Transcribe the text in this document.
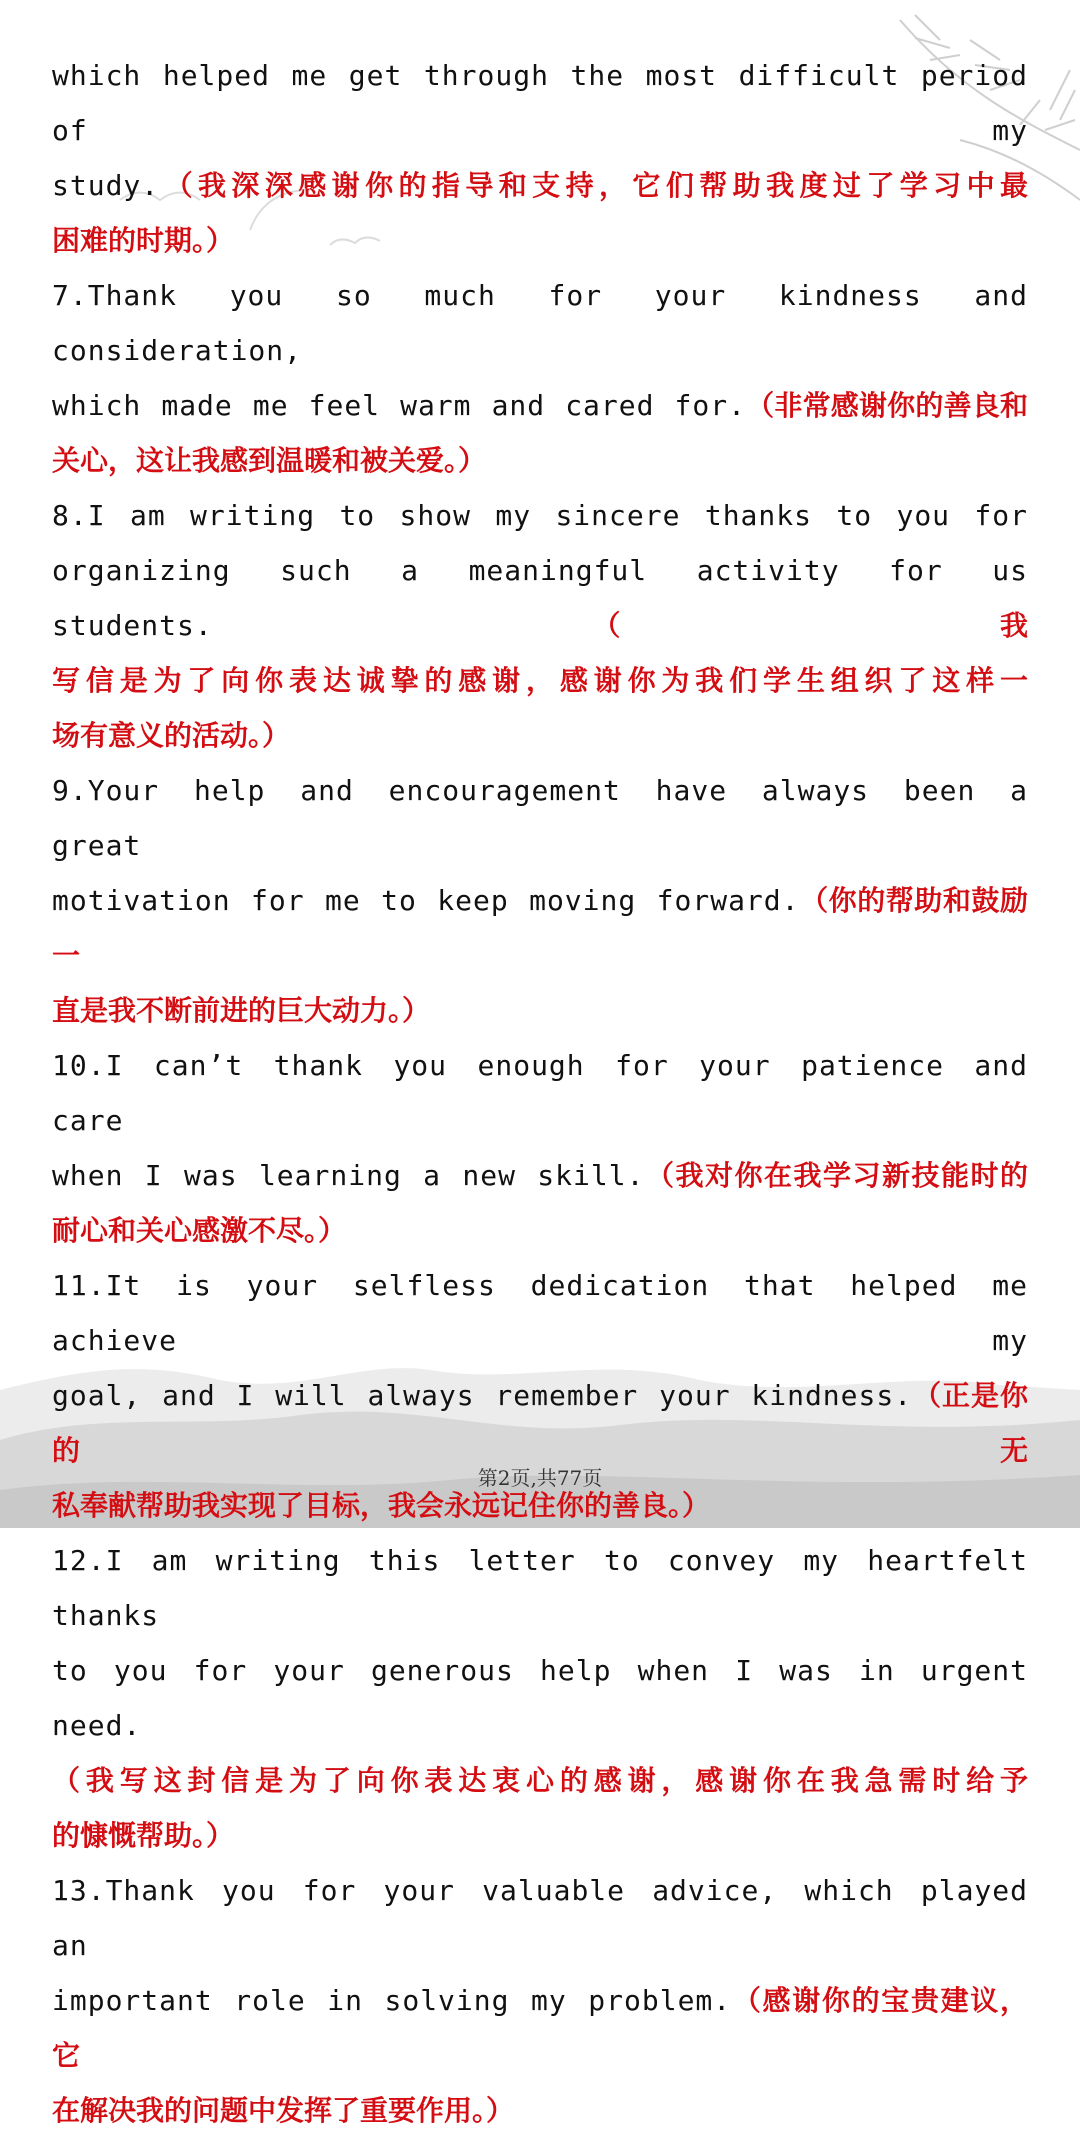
which helped me get through the most difficult period of my
study.（我深深感谢你的指导和支持，它们帮助我度过了学习中最
困难的时期。）
7.Thank you so much for your kindness and consideration,
which made me feel warm and cared for.（非常感谢你的善良和
关心，这让我感到温暖和被关爱。）
8.I am writing to show my sincere thanks to you for
organizing such a meaningful activity for us students.（我
写信是为了向你表达诚挚的感谢，感谢你为我们学生组织了这样一
场有意义的活动。）
9.Your help and encouragement have always been a great
motivation for me to keep moving forward.（你的帮助和鼓励一
直是我不断前进的巨大动力。）
10.I can’t thank you enough for your patience and care
when I was learning a new skill.（我对你在我学习新技能时的
耐心和关心感激不尽。）
11.It is your selfless dedication that helped me achieve my
goal, and I will always remember your kindness.（正是你的无
私奉献帮助我实现了目标，我会永远记住你的善良。）
12.I am writing this letter to convey my heartfelt thanks
to you for your generous help when I was in urgent need.
（我写这封信是为了向你表达衷心的感谢，感谢你在我急需时给予
的慷慨帮助。）
13.Thank you for your valuable advice, which played an
important role in solving my problem.（感谢你的宝贵建议，它
在解决我的问题中发挥了重要作用。）
第2页,共77页
